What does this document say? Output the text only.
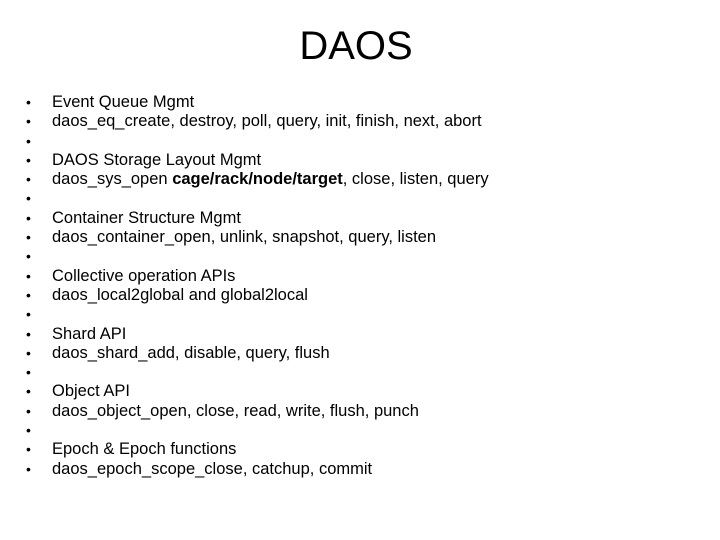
DAOS
•	Event Queue Mgmt
•	daos_eq_create, destroy, poll, query, init, finish, next, abort
•
•	DAOS Storage Layout Mgmt
•	daos_sys_open cage/rack/node/target, close, listen, query
•
•	Container Structure Mgmt
•	daos_container_open, unlink, snapshot, query, listen
•
•	Collective operation APIs
•	daos_local2global and global2local
•
•	Shard API
•	daos_shard_add, disable, query, flush
•
•	Object API
•	daos_object_open, close, read, write, flush, punch
•
•	Epoch & Epoch functions
•	daos_epoch_scope_close, catchup, commit
